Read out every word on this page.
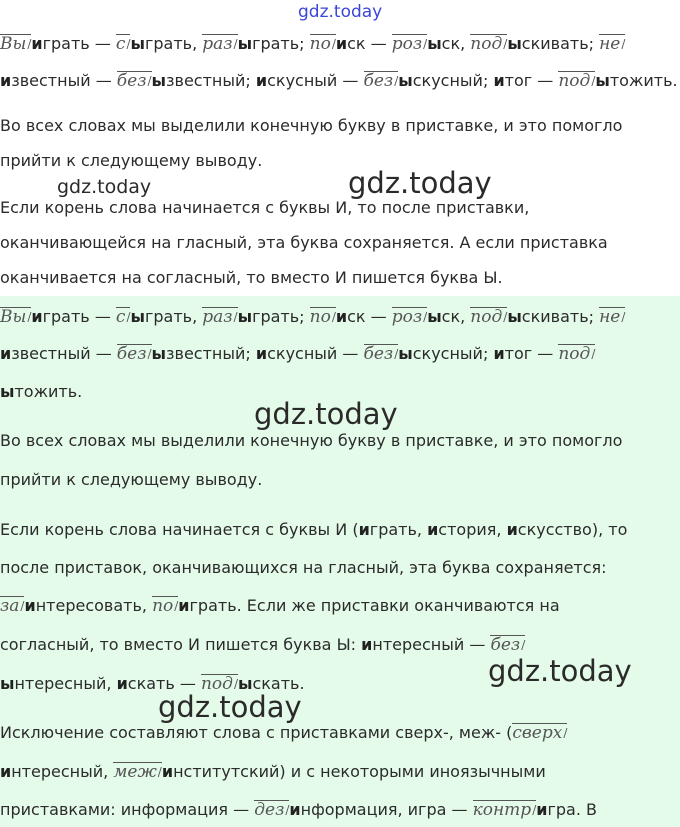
gdz.today
gdz.today	gdz.today
gdz.today
gdz.today
gdz.today
Вы / играть — с / ыграть, раз / ыграть; по / иск — роз / ыск, под / ыскивать; не /
известный — без / ызвестный; искусный — без / ыскусный; итог — под / ытожить.
Во всех словах мы выделили конечную букву в приставке, и это помогло
прийти к следующему выводу.
Если корень слова начинается с буквы И, то после приставки,
оканчивающейся на гласный, эта буква сохраняется. А если приставка
оканчивается на согласный, то вместо И пишется буква Ы.
Вы / играть — с / ыграть, раз / ыграть; по / иск — роз / ыск, под / ыскивать; не /
известный — без / ызвестный; искусный — без / ыскусный; итог — под /
ытожить.
Во всех словах мы выделили конечную букву в приставке, и это помогло
прийти к следующему выводу.
Если корень слова начинается с буквы И (играть, история, искусство), то
после приставок, оканчивающихся на гласный, эта буква сохраняется:
за / интересовать, по / играть. Если же приставки оканчиваются на
согласный, то вместо И пишется буква Ы: интересный — без /
ынтересный, искать — под / ыскать.
Исключение составляют слова с приставками сверх-, меж- (сверх /
интересный, меж / институтский) и с некоторыми иноязычными
приставками: информация — дез / информация, игра — контр / игра. В
